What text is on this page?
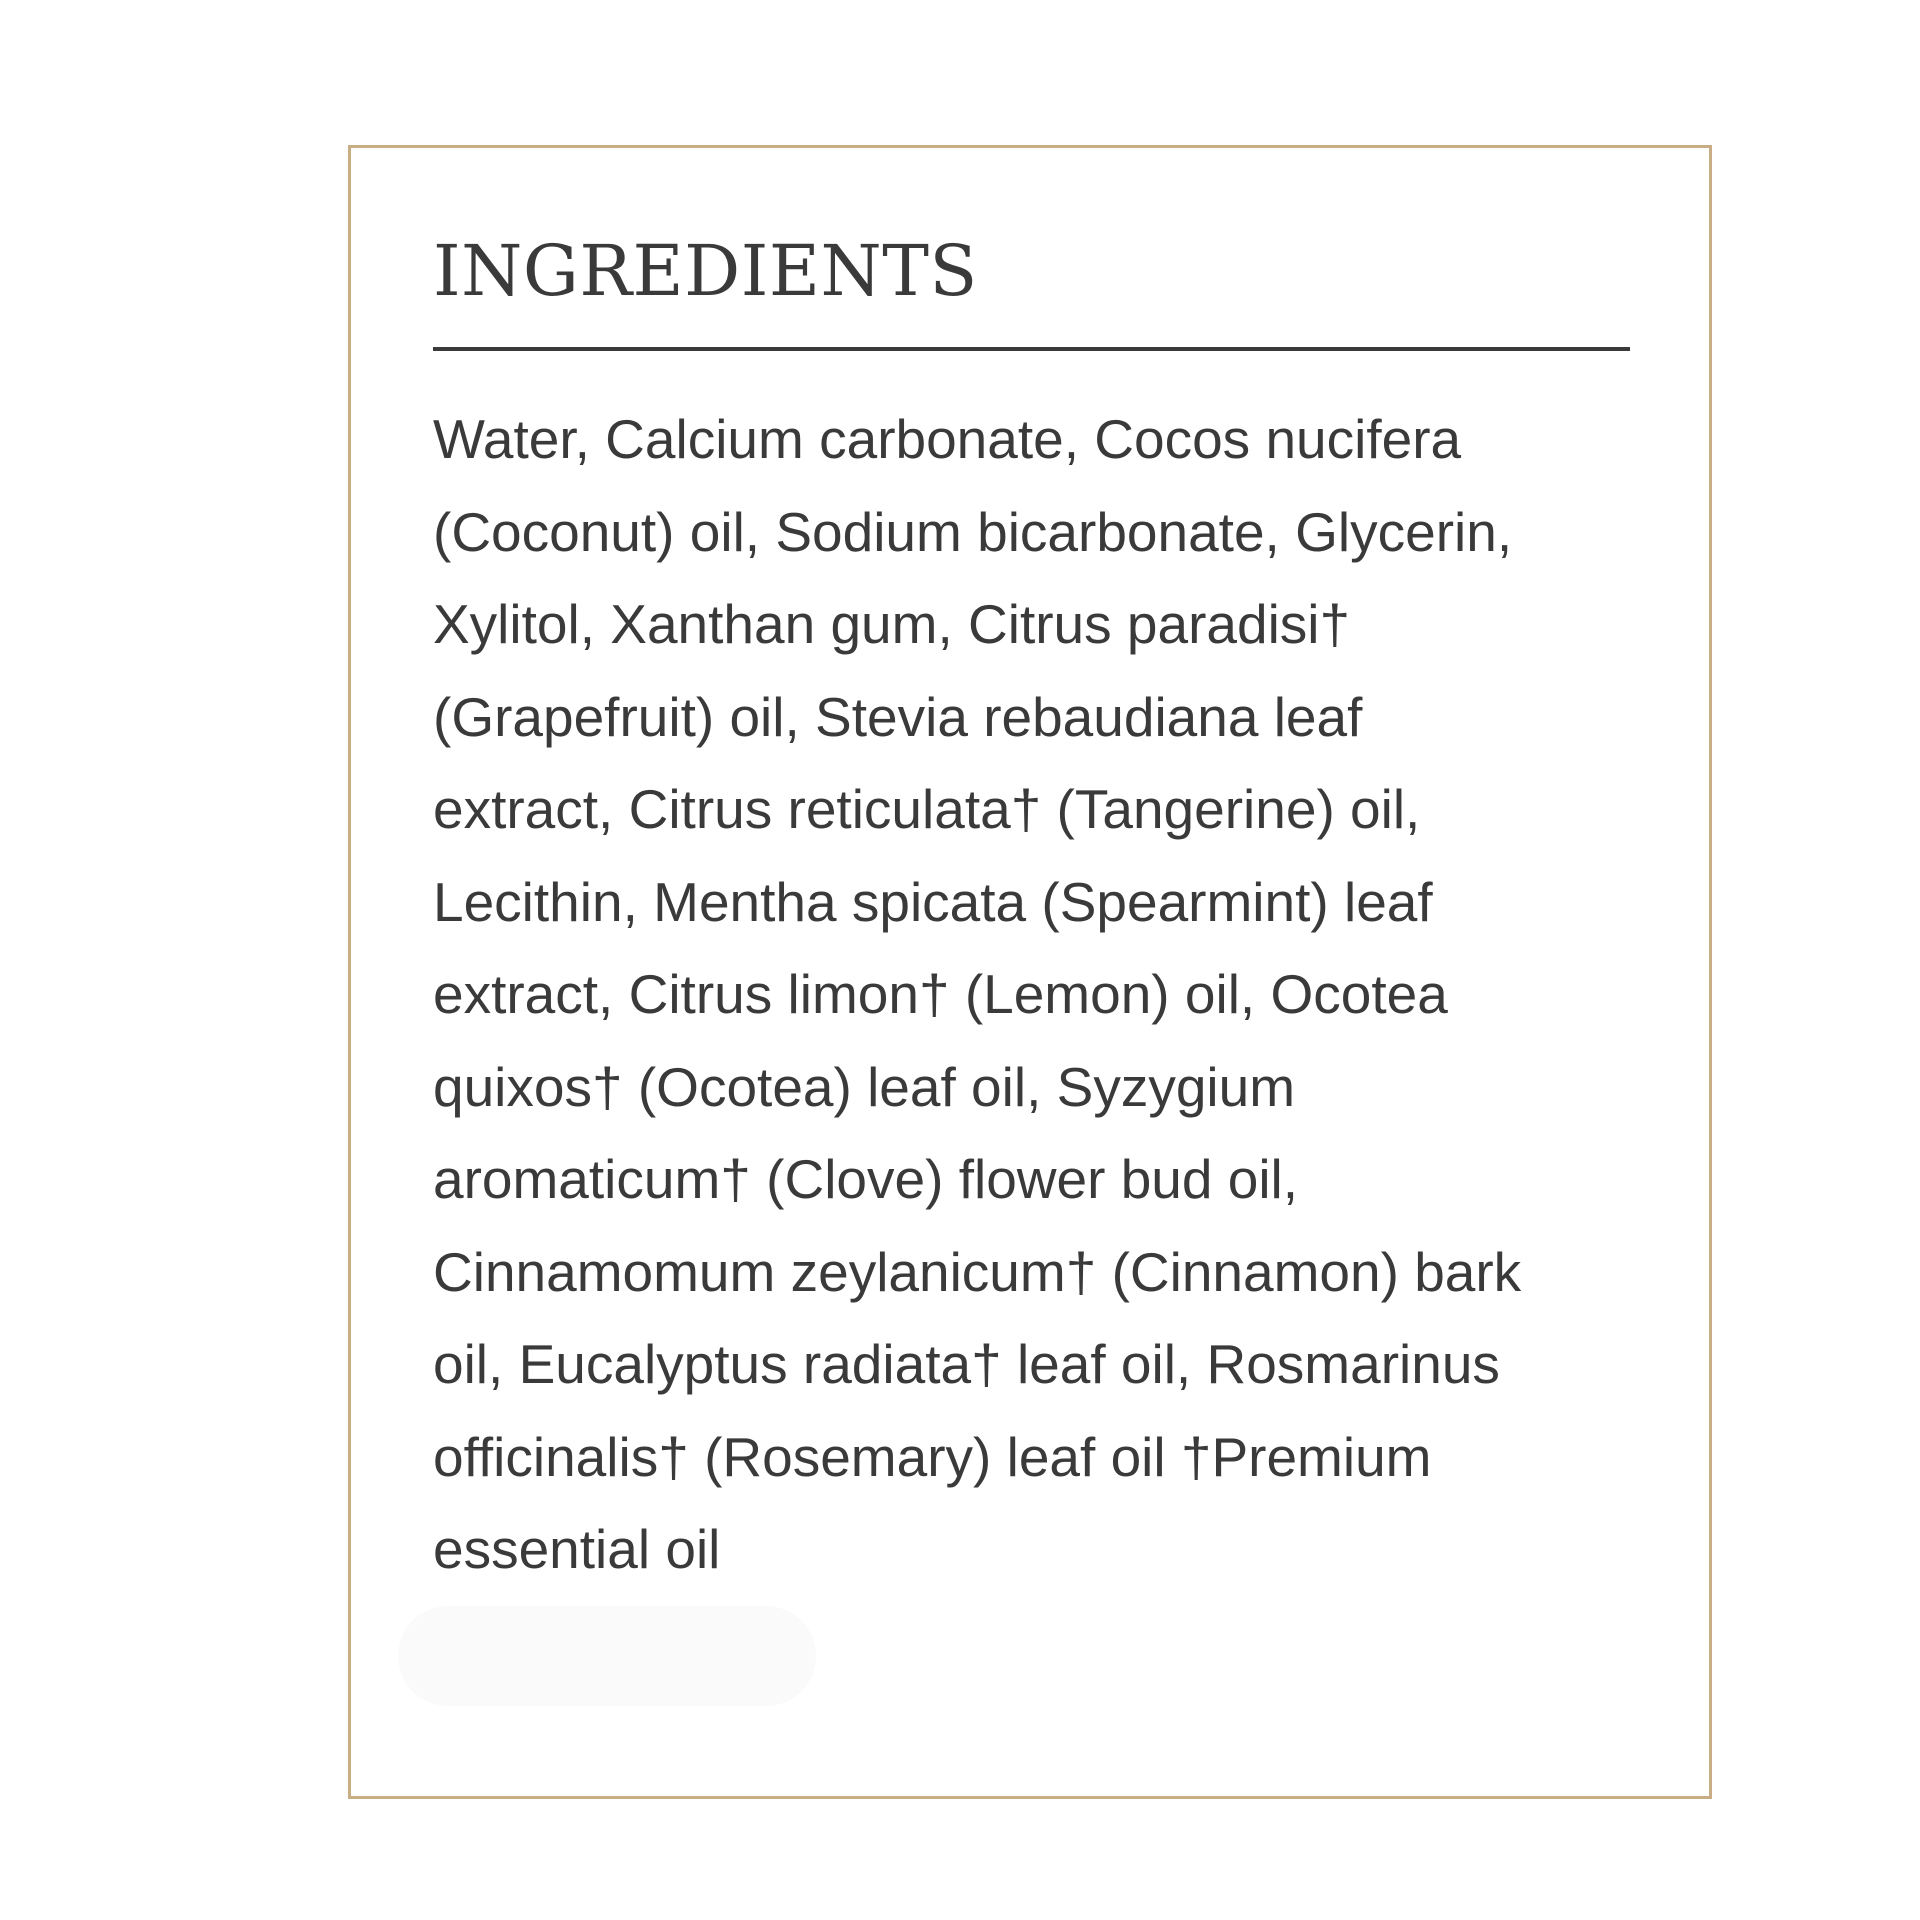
INGREDIENTS

Water, Calcium carbonate, Cocos nucifera
(Coconut) oil, Sodium bicarbonate, Glycerin,
Xylitol, Xanthan gum, Citrus paradisi†
(Grapefruit) oil, Stevia rebaudiana leaf
extract, Citrus reticulata† (Tangerine) oil,
Lecithin, Mentha spicata (Spearmint) leaf
extract, Citrus limon† (Lemon) oil, Ocotea
quixos† (Ocotea) leaf oil, Syzygium
aromaticum† (Clove) flower bud oil,
Cinnamomum zeylanicum† (Cinnamon) bark
oil, Eucalyptus radiata† leaf oil, Rosmarinus
officinalis† (Rosemary) leaf oil †Premium
essential oil
